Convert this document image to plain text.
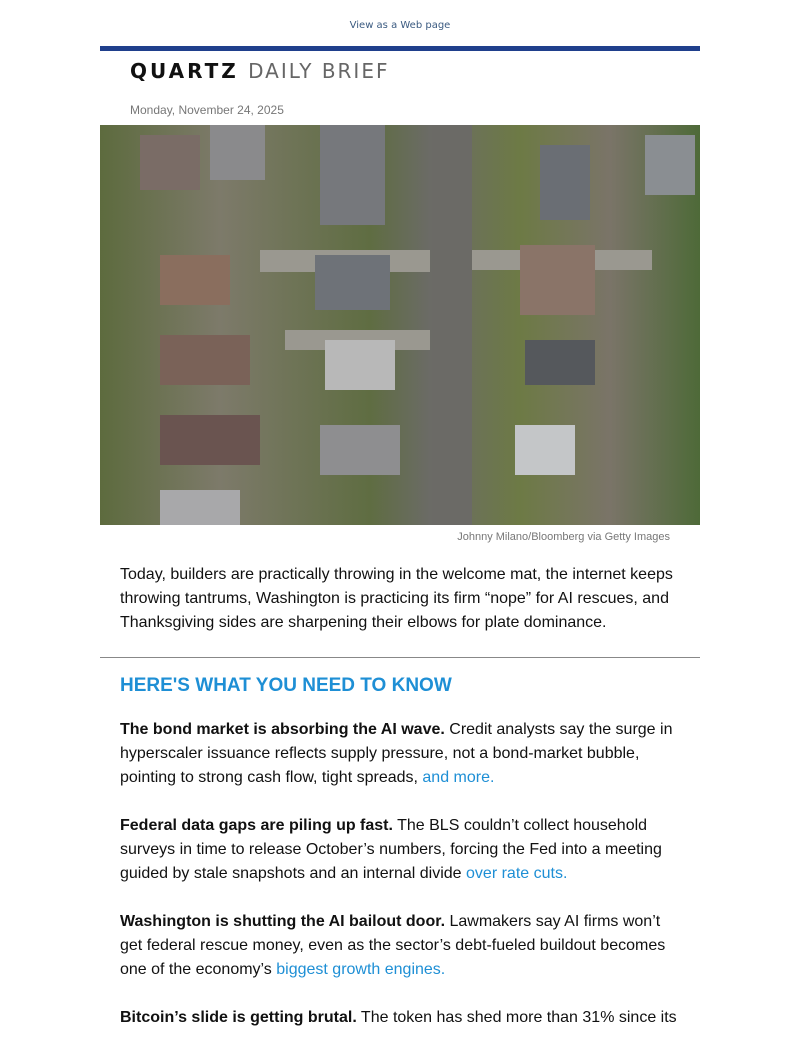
View as a Web page
QUARTZ DAILY BRIEF
Monday, November 24, 2025
Johnny Milano/Bloomberg via Getty Images
Today, builders are practically throwing in the welcome mat, the internet keeps throwing tantrums, Washington is practicing its firm “nope” for AI rescues, and Thanksgiving sides are sharpening their elbows for plate dominance.
HERE'S WHAT YOU NEED TO KNOW
The bond market is absorbing the AI wave. Credit analysts say the surge in hyperscaler issuance reflects supply pressure, not a bond-market bubble, pointing to strong cash flow, tight spreads, and more.
Federal data gaps are piling up fast. The BLS couldn’t collect household surveys in time to release October’s numbers, forcing the Fed into a meeting guided by stale snapshots and an internal divide over rate cuts.
Washington is shutting the AI bailout door. Lawmakers say AI firms won’t get federal rescue money, even as the sector’s debt-fueled buildout becomes one of the economy’s biggest growth engines.
Bitcoin’s slide is getting brutal. The token has shed more than 31% since its
